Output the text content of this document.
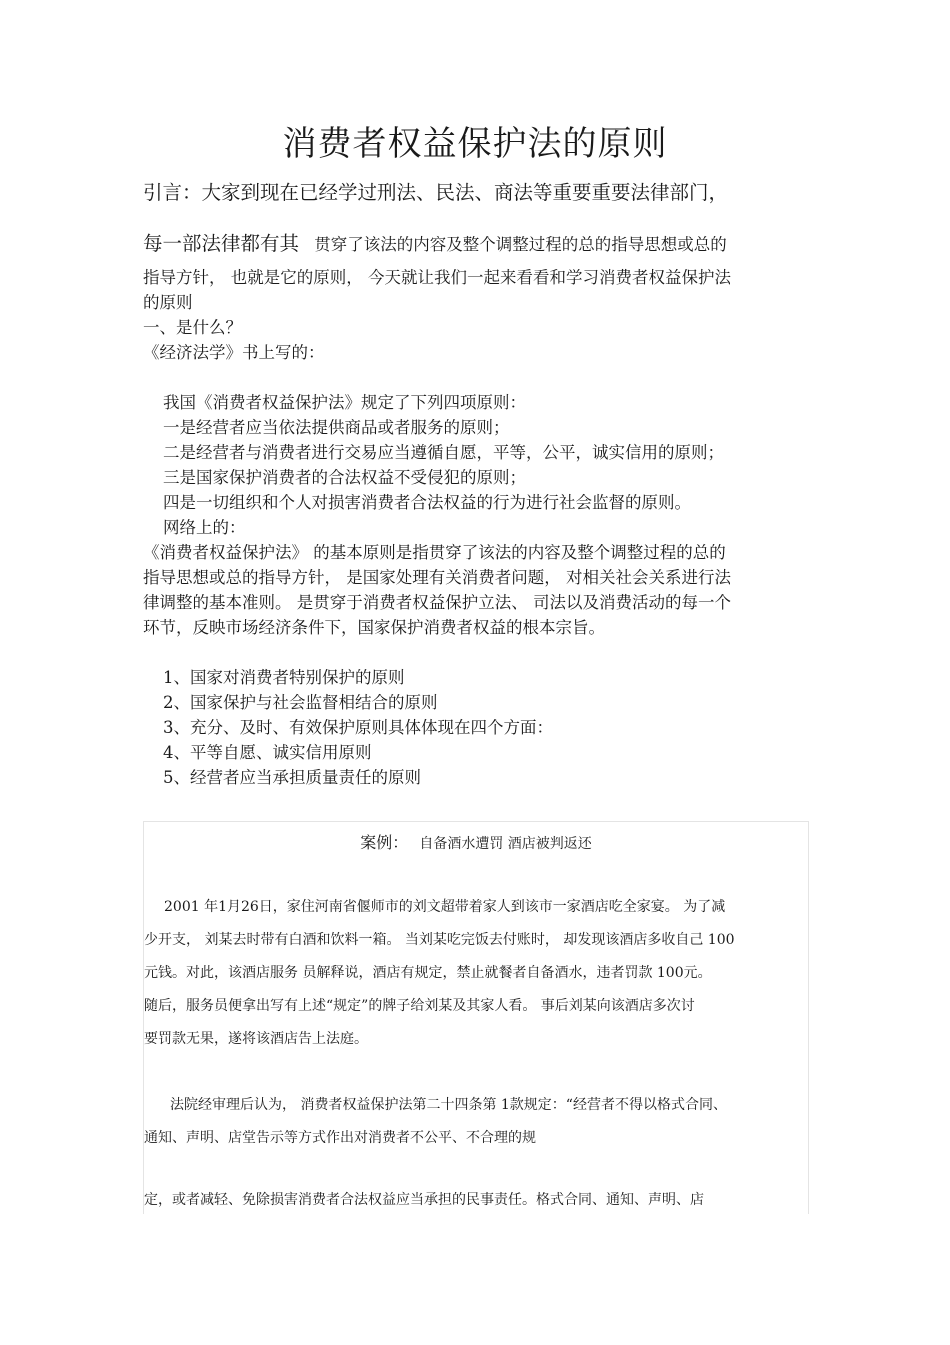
消费者权益保护法的原则
引言：大家到现在已经学过刑法、民法、商法等重要重要法律部门，
每一部法律都有其 贯穿了该法的内容及整个调整过程的总的指导思想或总的
指导方针， 也就是它的原则， 今天就让我们一起来看看和学习消费者权益保护法
的原则
一、是什么？
《经济法学》书上写的：
我国《消费者权益保护法》规定了下列四项原则：
一是经营者应当依法提供商品或者服务的原则；
二是经营者与消费者进行交易应当遵循自愿，平等，公平，诚实信用的原则；
三是国家保护消费者的合法权益不受侵犯的原则；
四是一切组织和个人对损害消费者合法权益的行为进行社会监督的原则。
网络上的：
《消费者权益保护法》 的基本原则是指贯穿了该法的内容及整个调整过程的总的
指导思想或总的指导方针， 是国家处理有关消费者问题， 对相关社会关系进行法
律调整的基本准则。 是贯穿于消费者权益保护立法、 司法以及消费活动的每一个
环节，反映市场经济条件下，国家保护消费者权益的根本宗旨。
1、国家对消费者特别保护的原则
2、国家保护与社会监督相结合的原则
3、充分、及时、有效保护原则具体体现在四个方面：
4、平等自愿、诚实信用原则
5、经营者应当承担质量责任的原则
案例： 自备酒水遭罚 酒店被判返还
2001 年1月26日，家住河南省偃师市的刘文超带着家人到该市一家酒店吃全家宴。 为了减
少开支， 刘某去时带有白酒和饮料一箱。 当刘某吃完饭去付账时， 却发现该酒店多收自己 100
元钱。对此，该酒店服务 员解释说，酒店有规定，禁止就餐者自备酒水，违者罚款 100元。
随后，服务员便拿出写有上述“规定”的牌子给刘某及其家人看。 事后刘某向该酒店多次讨
要罚款无果，遂将该酒店告上法庭。
法院经审理后认为， 消费者权益保护法第二十四条第 1款规定：“经营者不得以格式合同、
通知、声明、店堂告示等方式作出对消费者不公平、不合理的规
定，或者减轻、免除损害消费者合法权益应当承担的民事责任。格式合同、通知、声明、店
